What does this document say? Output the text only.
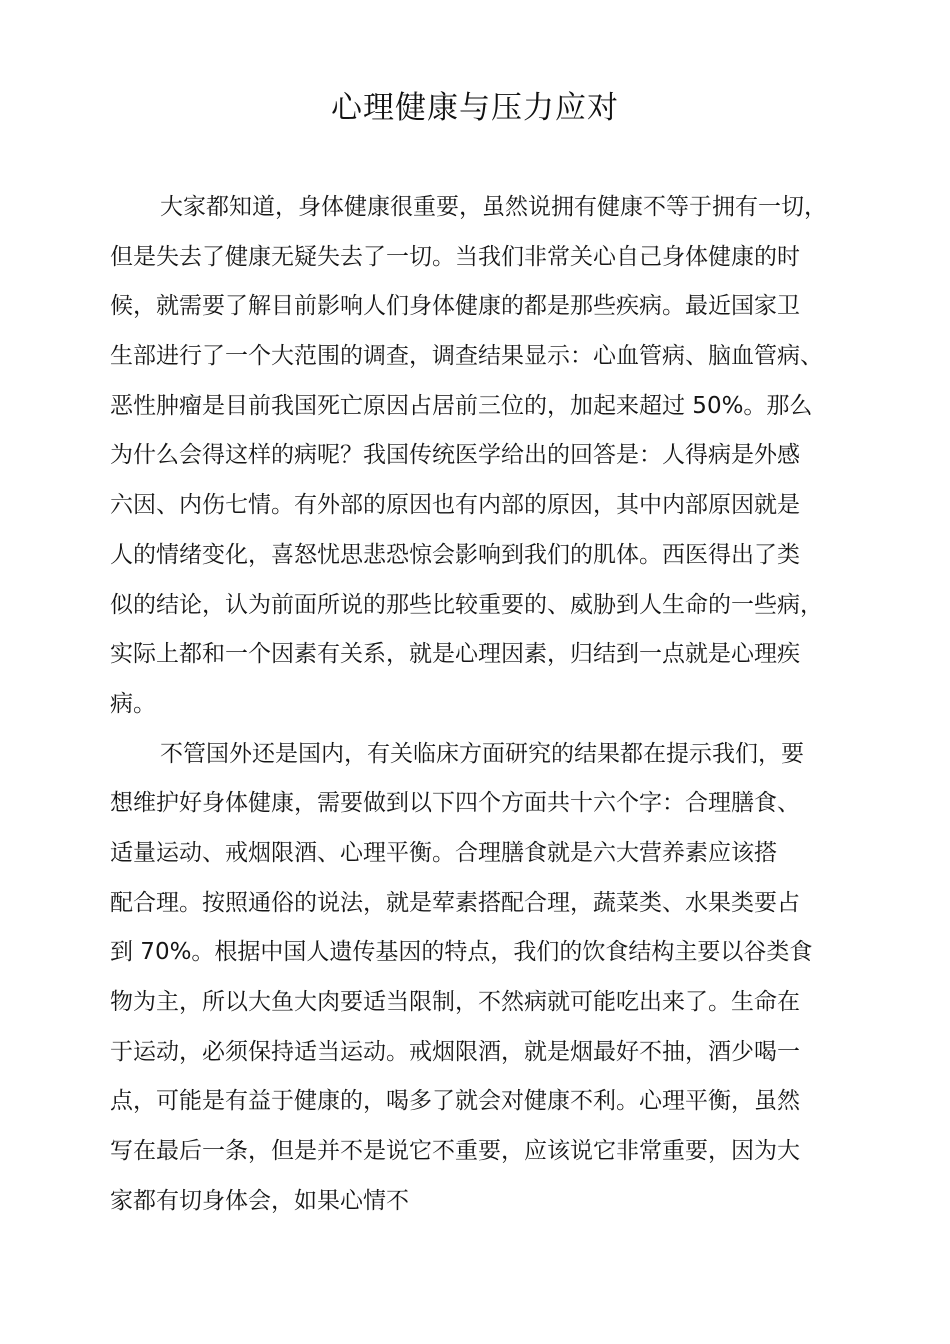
心理健康与压力应对
大家都知道，身体健康很重要，虽然说拥有健康不等于拥有一切，
但是失去了健康无疑失去了一切。当我们非常关心自己身体健康的时
候，就需要了解目前影响人们身体健康的都是那些疾病。最近国家卫
生部进行了一个大范围的调查，调查结果显示：心血管病、脑血管病、
恶性肿瘤是目前我国死亡原因占居前三位的，加起来超过 50%。那么
为什么会得这样的病呢？我国传统医学给出的回答是：人得病是外感
六因、内伤七情。有外部的原因也有内部的原因，其中内部原因就是
人的情绪变化，喜怒忧思悲恐惊会影响到我们的肌体。西医得出了类
似的结论，认为前面所说的那些比较重要的、威胁到人生命的一些病，
实际上都和一个因素有关系，就是心理因素，归结到一点就是心理疾
病。
不管国外还是国内，有关临床方面研究的结果都在提示我们，要
想维护好身体健康，需要做到以下四个方面共十六个字：合理膳食、
适量运动、戒烟限酒、心理平衡。合理膳食就是六大营养素应该搭
配合理。按照通俗的说法，就是荤素搭配合理，蔬菜类、水果类要占
到 70%。根据中国人遗传基因的特点，我们的饮食结构主要以谷类食
物为主，所以大鱼大肉要适当限制，不然病就可能吃出来了。生命在
于运动，必须保持适当运动。戒烟限酒，就是烟最好不抽，酒少喝一
点，可能是有益于健康的，喝多了就会对健康不利。心理平衡，虽然
写在最后一条，但是并不是说它不重要，应该说它非常重要，因为大
家都有切身体会，如果心情不
